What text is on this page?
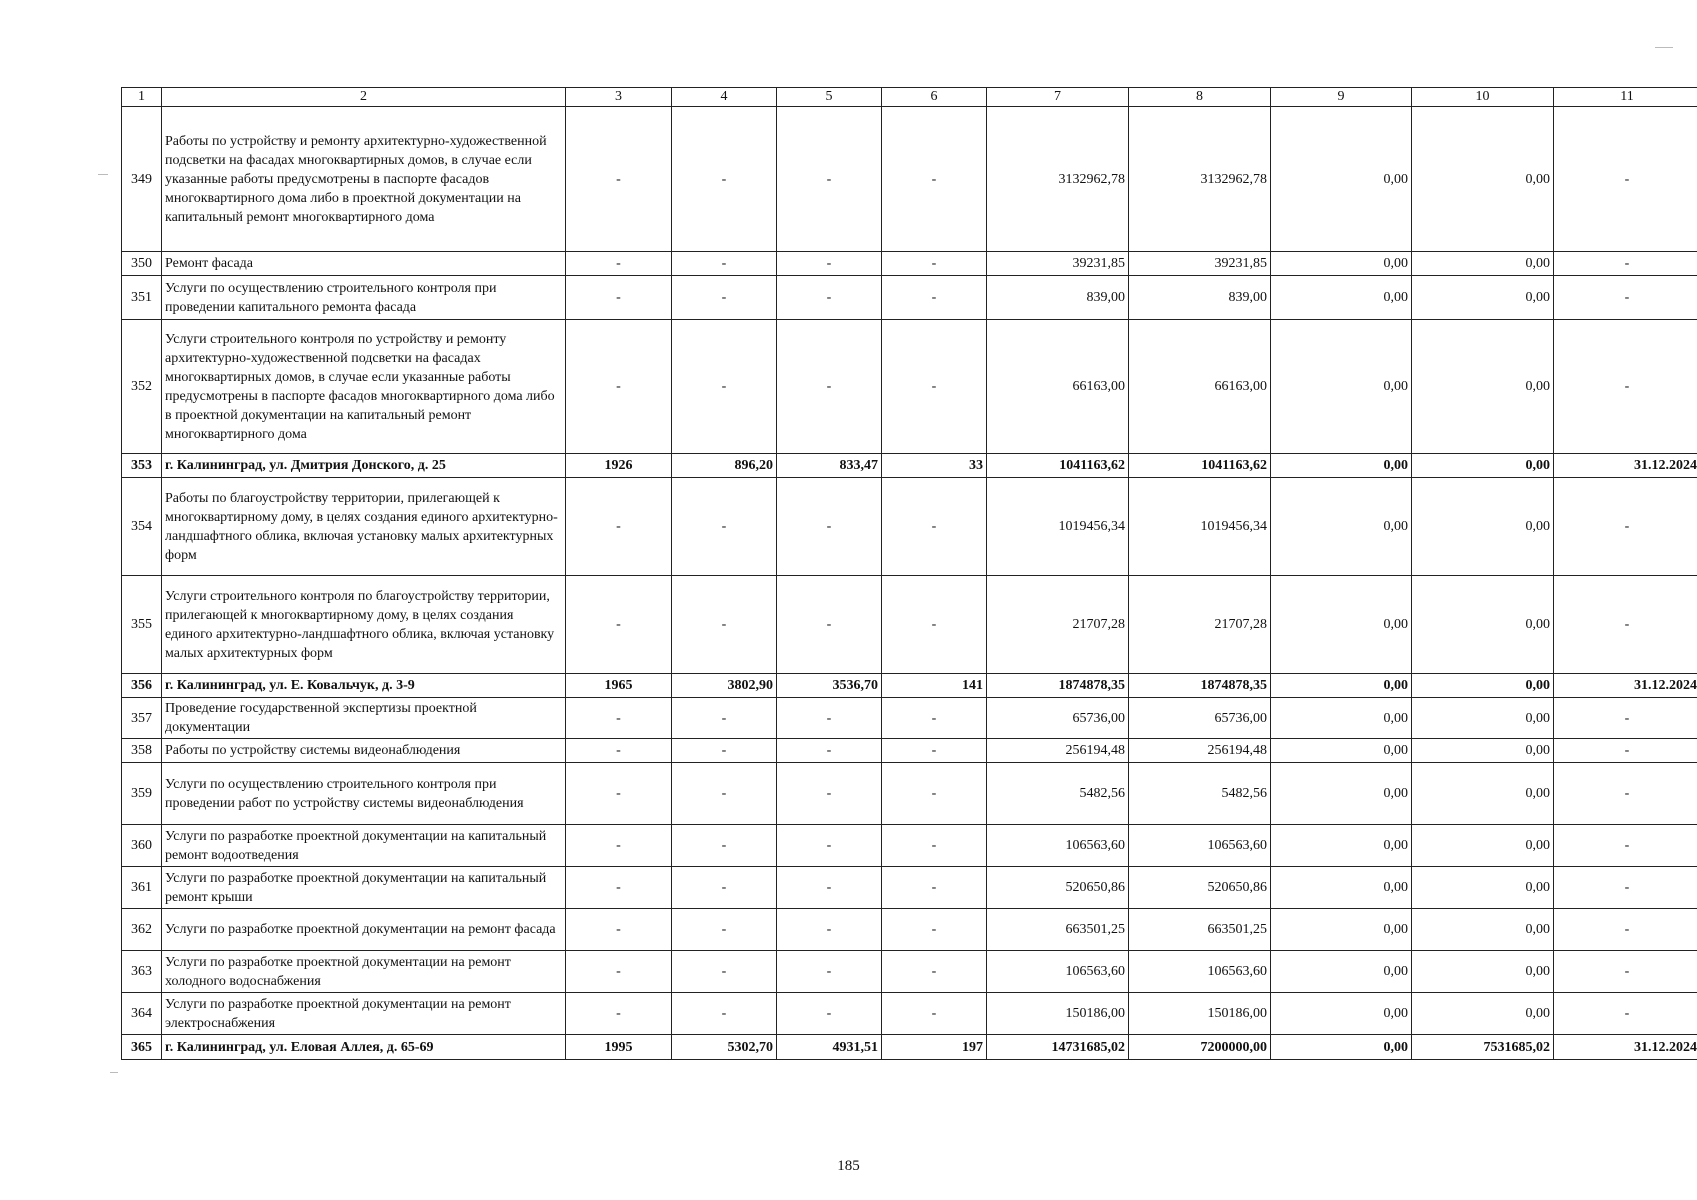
1	2	3	4	5	6	7	8	9	10	11
349	Работы по устройству и ремонту архитектурно-художественной подсветки на фасадах многоквартирных домов, в случае если указанные работы предусмотрены в паспорте фасадов многоквартирного дома либо в проектной документации на капитальный ремонт многоквартирного дома	-	-	-	-	3132962,78	3132962,78	0,00	0,00	-
350	Ремонт фасада	-	-	-	-	39231,85	39231,85	0,00	0,00	-
351	Услуги по осуществлению строительного контроля при проведении капитального ремонта фасада	-	-	-	-	839,00	839,00	0,00	0,00	-
352	Услуги строительного контроля по устройству и ремонту архитектурно-художественной подсветки на фасадах многоквартирных домов, в случае если указанные работы предусмотрены в паспорте фасадов многоквартирного дома либо в проектной документации на капитальный ремонт многоквартирного дома	-	-	-	-	66163,00	66163,00	0,00	0,00	-
353	г. Калининград, ул. Дмитрия Донского, д. 25	1926	896,20	833,47	33	1041163,62	1041163,62	0,00	0,00	31.12.2024
354	Работы по благоустройству территории, прилегающей к многоквартирному дому, в целях создания единого архитектурно-ландшафтного облика, включая установку малых архитектурных форм	-	-	-	-	1019456,34	1019456,34	0,00	0,00	-
355	Услуги строительного контроля по благоустройству территории, прилегающей к многоквартирному дому, в целях создания единого архитектурно-ландшафтного облика, включая установку малых архитектурных форм	-	-	-	-	21707,28	21707,28	0,00	0,00	-
356	г. Калининград, ул. Е. Ковальчук, д. 3-9	1965	3802,90	3536,70	141	1874878,35	1874878,35	0,00	0,00	31.12.2024
357	Проведение государственной экспертизы проектной документации	-	-	-	-	65736,00	65736,00	0,00	0,00	-
358	Работы по устройству системы видеонаблюдения	-	-	-	-	256194,48	256194,48	0,00	0,00	-
359	Услуги по осуществлению строительного контроля при проведении работ по устройству системы видеонаблюдения	-	-	-	-	5482,56	5482,56	0,00	0,00	-
360	Услуги по разработке проектной документации на капитальный ремонт водоотведения	-	-	-	-	106563,60	106563,60	0,00	0,00	-
361	Услуги по разработке проектной документации на капитальный ремонт крыши	-	-	-	-	520650,86	520650,86	0,00	0,00	-
362	Услуги по разработке проектной документации на ремонт фасада	-	-	-	-	663501,25	663501,25	0,00	0,00	-
363	Услуги по разработке проектной документации на ремонт холодного водоснабжения	-	-	-	-	106563,60	106563,60	0,00	0,00	-
364	Услуги по разработке проектной документации на ремонт электроснабжения	-	-	-	-	150186,00	150186,00	0,00	0,00	-
365	г. Калининград, ул. Еловая Аллея, д. 65-69	1995	5302,70	4931,51	197	14731685,02	7200000,00	0,00	7531685,02	31.12.2024
185
